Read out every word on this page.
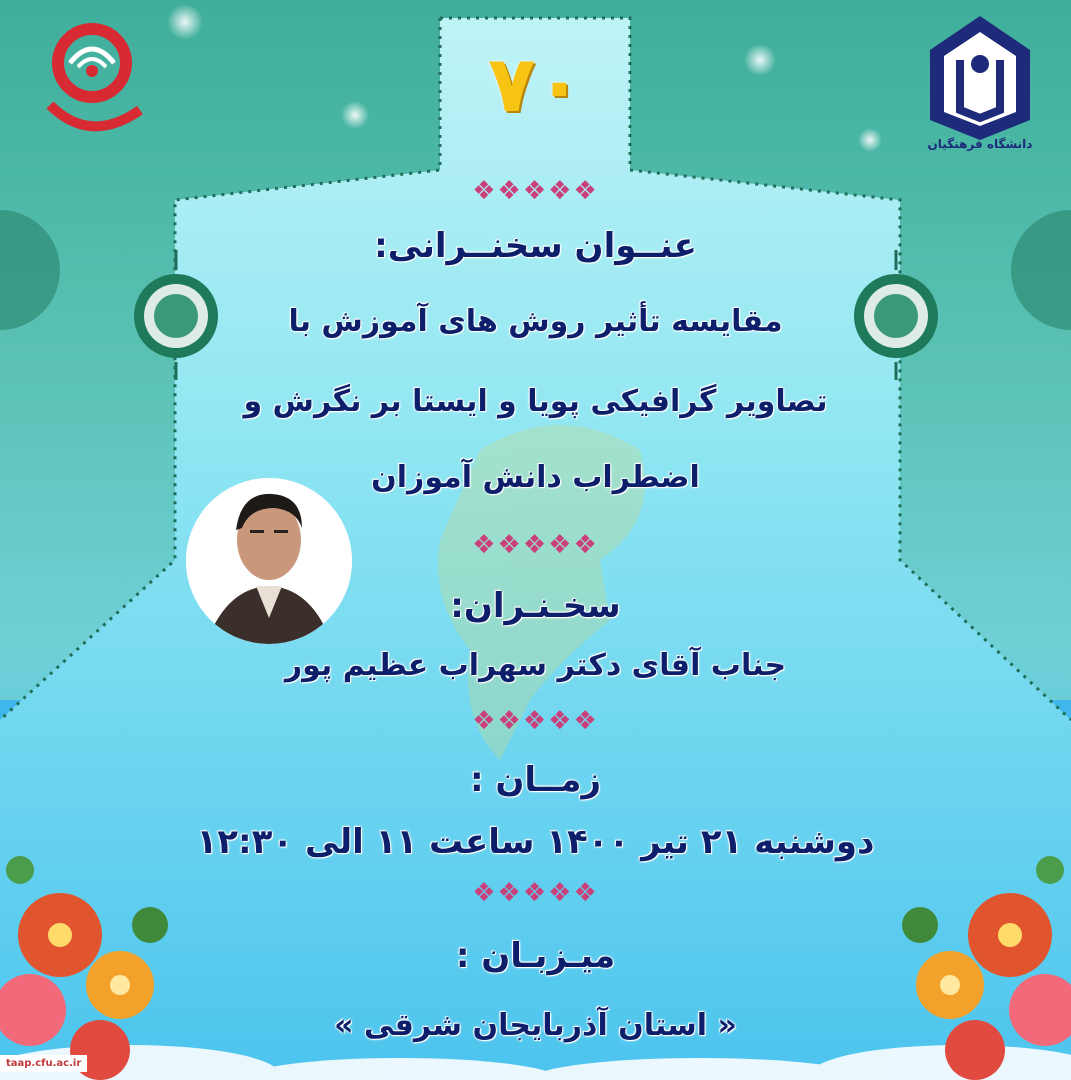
دانشگاه فرهنگیان
۷۰
❖❖❖❖❖
عنــوان سخنــرانی:
مقایسه تأثیر روش های آموزش با
تصاویر گرافیکی پویا و ایستا بر نگرش و
اضطراب دانش آموزان
❖❖❖❖❖
سخـنـران:
جناب آقای دکتر سهراب عظیم پور
❖❖❖❖❖
زمــان :
دوشنبه ۲۱ تیر ۱۴۰۰ ساعت ۱۱ الی ۱۲:۳۰
❖❖❖❖❖
میـزبـان :
« استان آذربایجان شرقی »
taap.cfu.ac.ir
